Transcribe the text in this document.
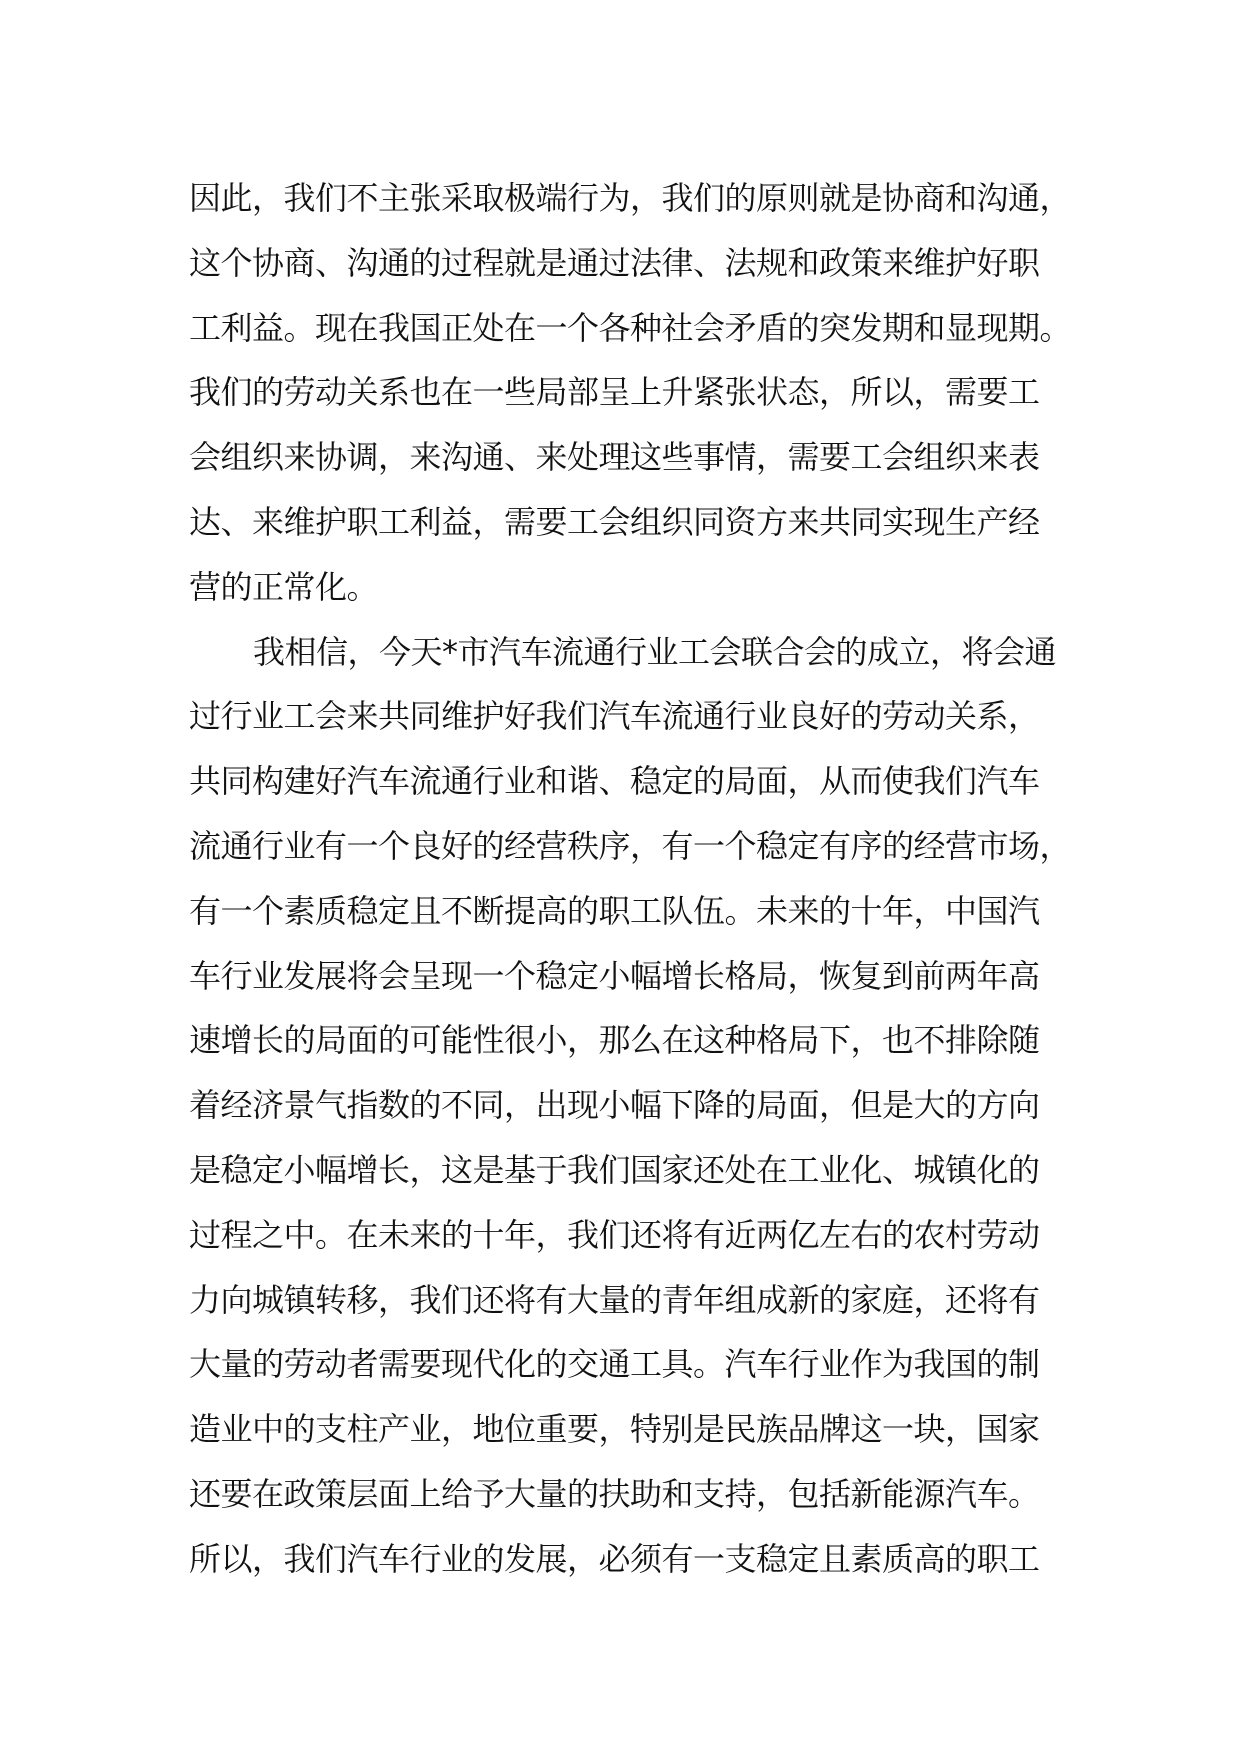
因此，我们不主张采取极端行为，我们的原则就是协商和沟通，
这个协商、沟通的过程就是通过法律、法规和政策来维护好职
工利益。现在我国正处在一个各种社会矛盾的突发期和显现期。
我们的劳动关系也在一些局部呈上升紧张状态，所以，需要工
会组织来协调，来沟通、来处理这些事情，需要工会组织来表
达、来维护职工利益，需要工会组织同资方来共同实现生产经
营的正常化。
我相信，今天*市汽车流通行业工会联合会的成立，将会通
过行业工会来共同维护好我们汽车流通行业良好的劳动关系，
共同构建好汽车流通行业和谐、稳定的局面，从而使我们汽车
流通行业有一个良好的经营秩序，有一个稳定有序的经营市场，
有一个素质稳定且不断提高的职工队伍。未来的十年，中国汽
车行业发展将会呈现一个稳定小幅增长格局，恢复到前两年高
速增长的局面的可能性很小，那么在这种格局下，也不排除随
着经济景气指数的不同，出现小幅下降的局面，但是大的方向
是稳定小幅增长，这是基于我们国家还处在工业化、城镇化的
过程之中。在未来的十年，我们还将有近两亿左右的农村劳动
力向城镇转移，我们还将有大量的青年组成新的家庭，还将有
大量的劳动者需要现代化的交通工具。汽车行业作为我国的制
造业中的支柱产业，地位重要，特别是民族品牌这一块，国家
还要在政策层面上给予大量的扶助和支持，包括新能源汽车。
所以，我们汽车行业的发展，必须有一支稳定且素质高的职工
